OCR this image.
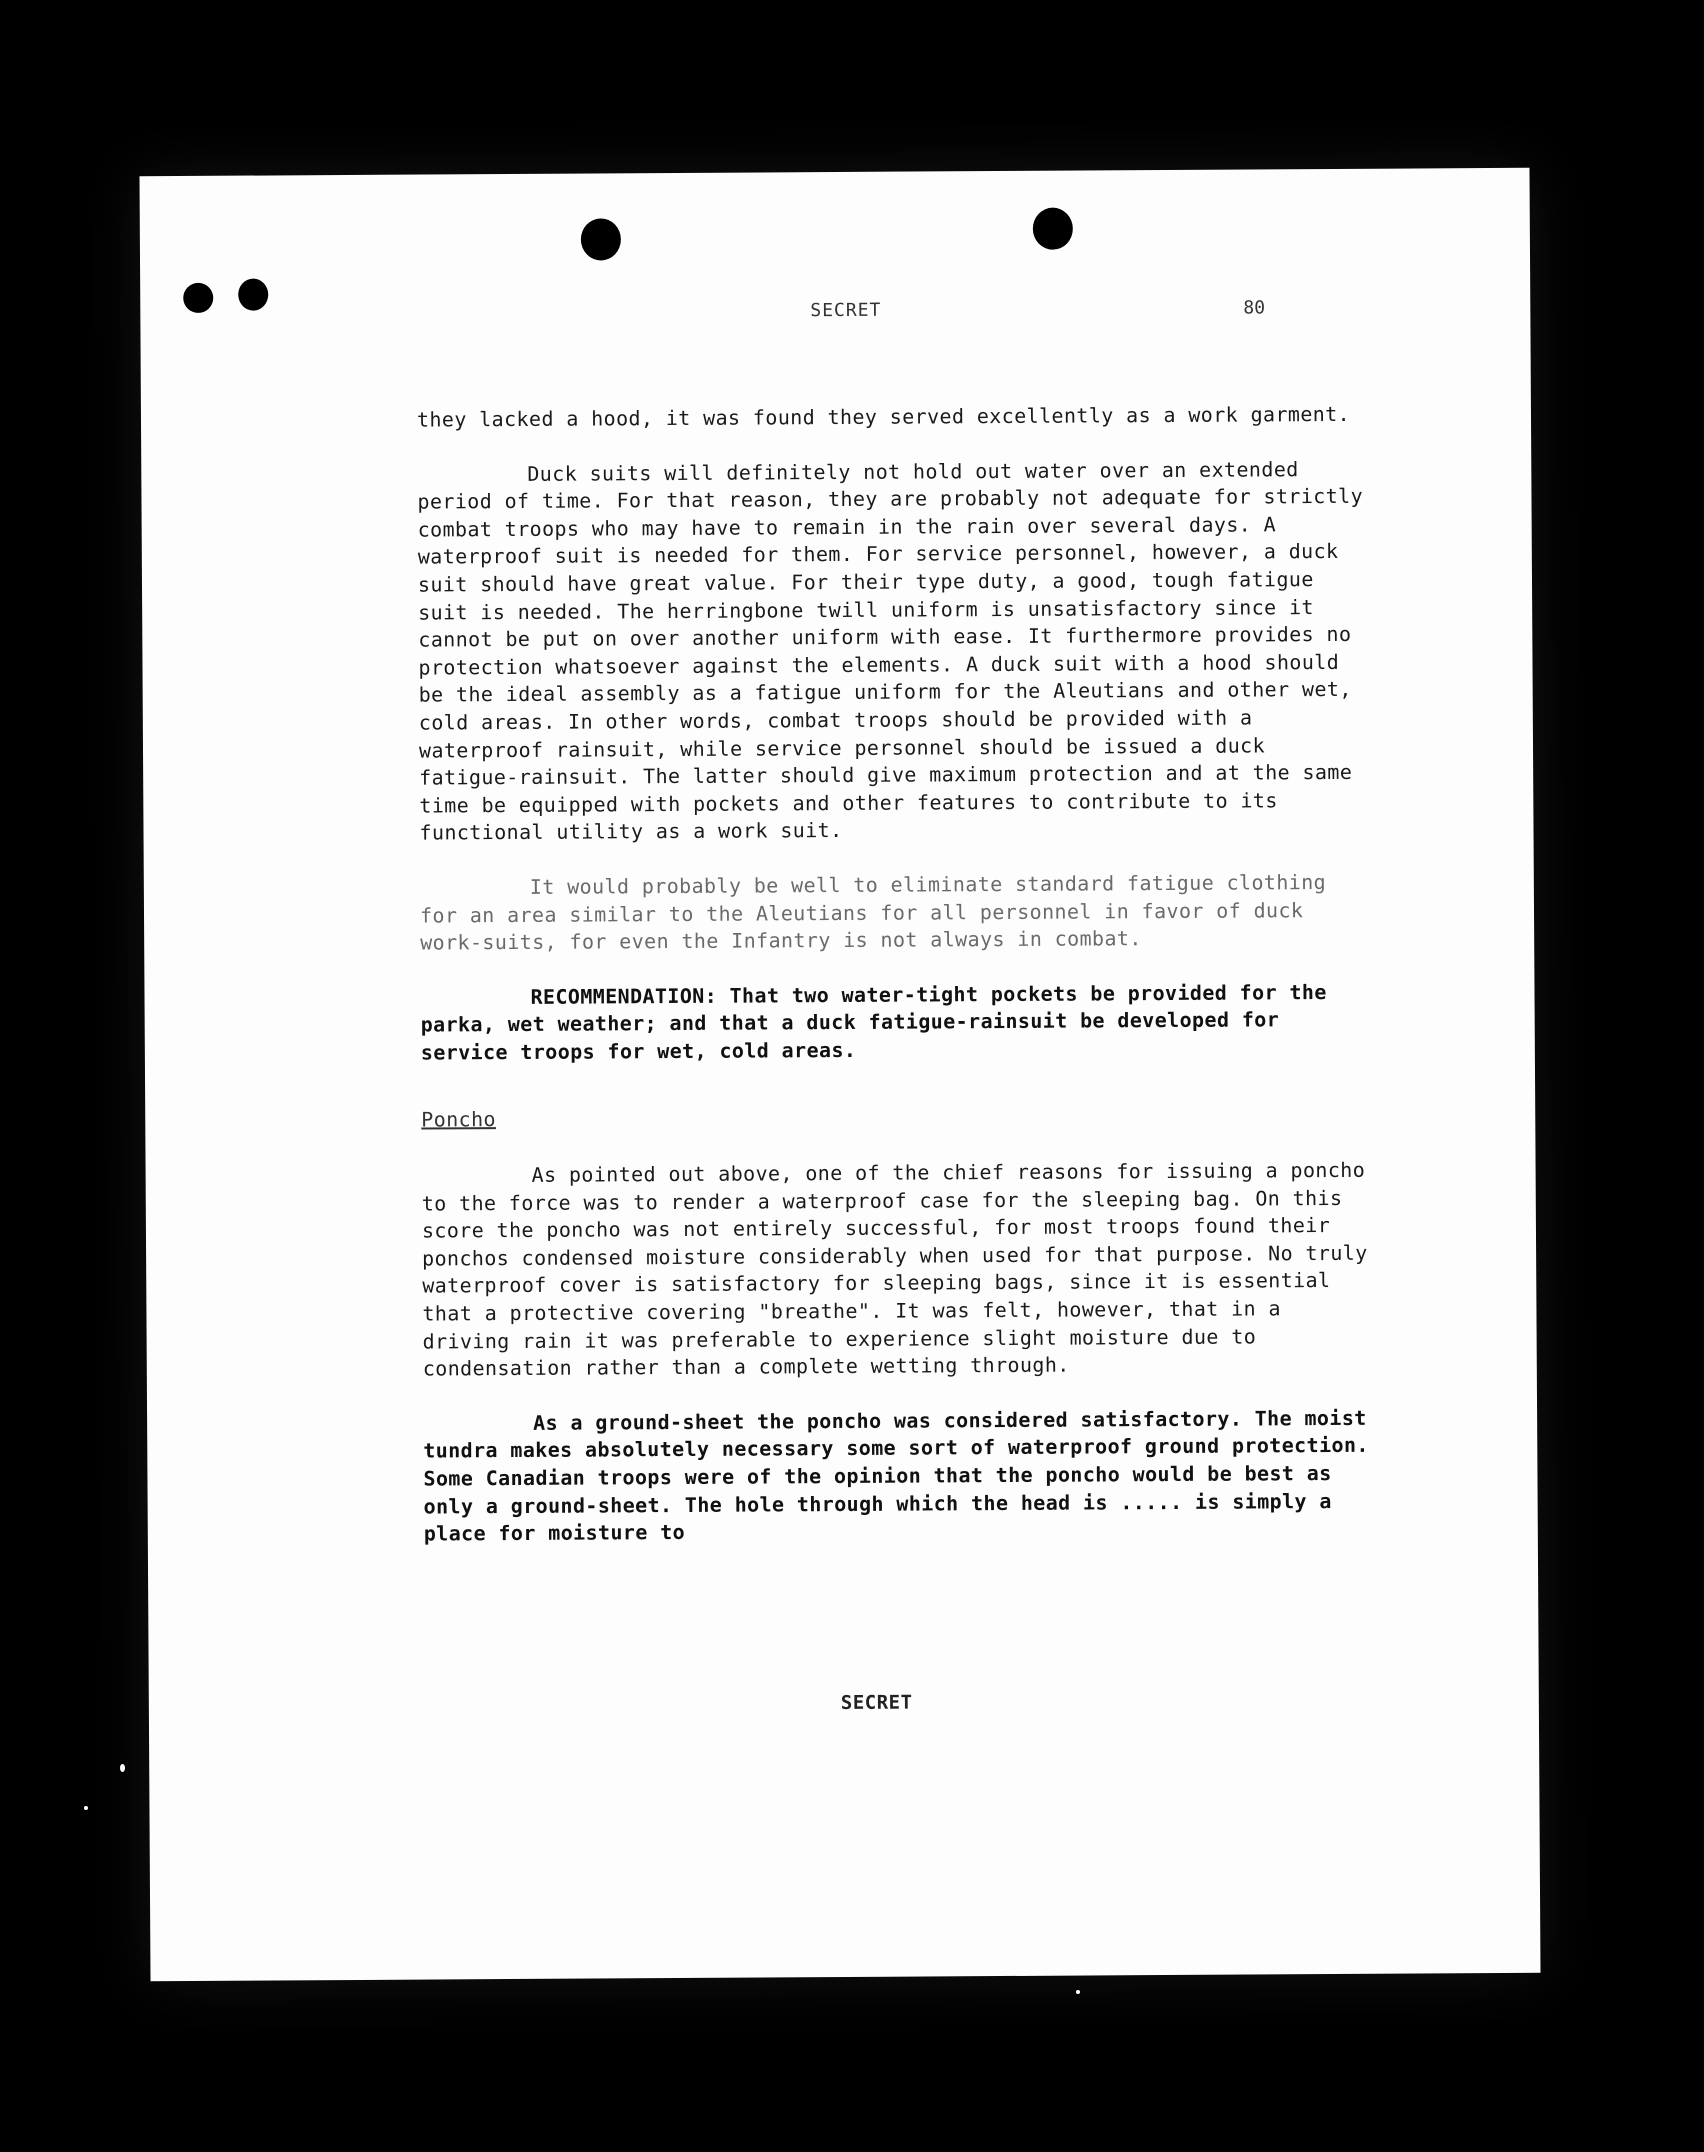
SECRET	80

they lacked a hood, it was found they served excellently as a work garment.

Duck suits will definitely not hold out water over an extended period of time. For that reason, they are probably not adequate for strictly combat troops who may have to remain in the rain over several days. A waterproof suit is needed for them. For service personnel, however, a duck suit should have great value. For their type duty, a good, tough fatigue suit is needed. The herringbone twill uniform is unsatisfactory since it cannot be put on over another uniform with ease. It furthermore provides no protection whatsoever against the elements. A duck suit with a hood should be the ideal assembly as a fatigue uniform for the Aleutians and other wet, cold areas. In other words, combat troops should be provided with a waterproof rainsuit, while service personnel should be issued a duck fatigue-rainsuit. The latter should give maximum protection and at the same time be equipped with pockets and other features to contribute to its functional utility as a work suit.

It would probably be well to eliminate standard fatigue clothing for an area similar to the Aleutians for all personnel in favor of duck work-suits, for even the Infantry is not always in combat.

RECOMMENDATION: That two water-tight pockets be provided for the parka, wet weather; and that a duck fatigue-rainsuit be developed for service troops for wet, cold areas.

Poncho

As pointed out above, one of the chief reasons for issuing a poncho to the force was to render a waterproof case for the sleeping bag. On this score the poncho was not entirely successful, for most troops found their ponchos condensed moisture considerably when used for that purpose. No truly waterproof cover is satisfactory for sleeping bags, since it is essential that a protective covering "breathe". It was felt, however, that in a driving rain it was preferable to experience slight moisture due to condensation rather than a complete wetting through.

As a ground-sheet the poncho was considered satisfactory. The moist tundra makes absolutely necessary some sort of waterproof ground protection. Some Canadian troops were of the opinion that the poncho would be best as only a ground-sheet. The hole through which the head is ..... is simply a place for moisture to

SECRET
